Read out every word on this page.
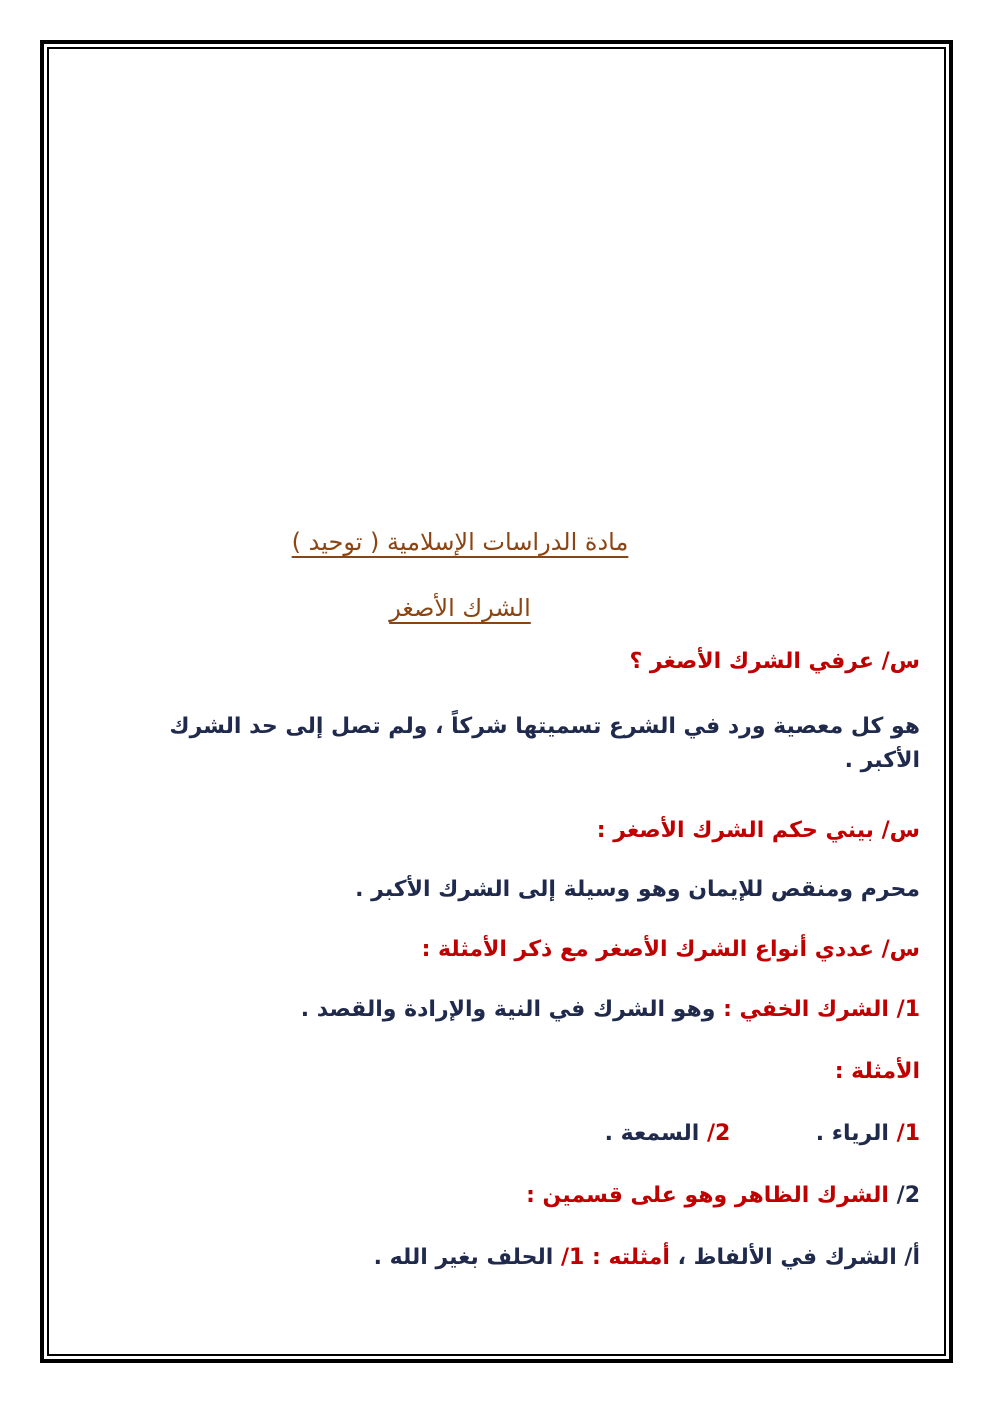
مادة الدراسات الإسلامية ( توحيد )
الشرك الأصغر
س/ عرفي الشرك الأصغر ؟
هو كل معصية ورد في الشرع تسميتها شركاً ، ولم تصل إلى حد الشرك الأكبر .
س/ بيني حكم الشرك الأصغر :
محرم ومنقص للإيمان وهو وسيلة إلى الشرك الأكبر .
س/ عددي أنواع الشرك الأصغر مع ذكر الأمثلة :
1/ الشرك الخفي : وهو الشرك في النية والإرادة والقصد .
الأمثلة :
1/ الرياء .  2/ السمعة .
2/ الشرك الظاهر وهو على قسمين :
أ/ الشرك في الألفاظ ، أمثلته : 1/ الحلف بغير الله .
